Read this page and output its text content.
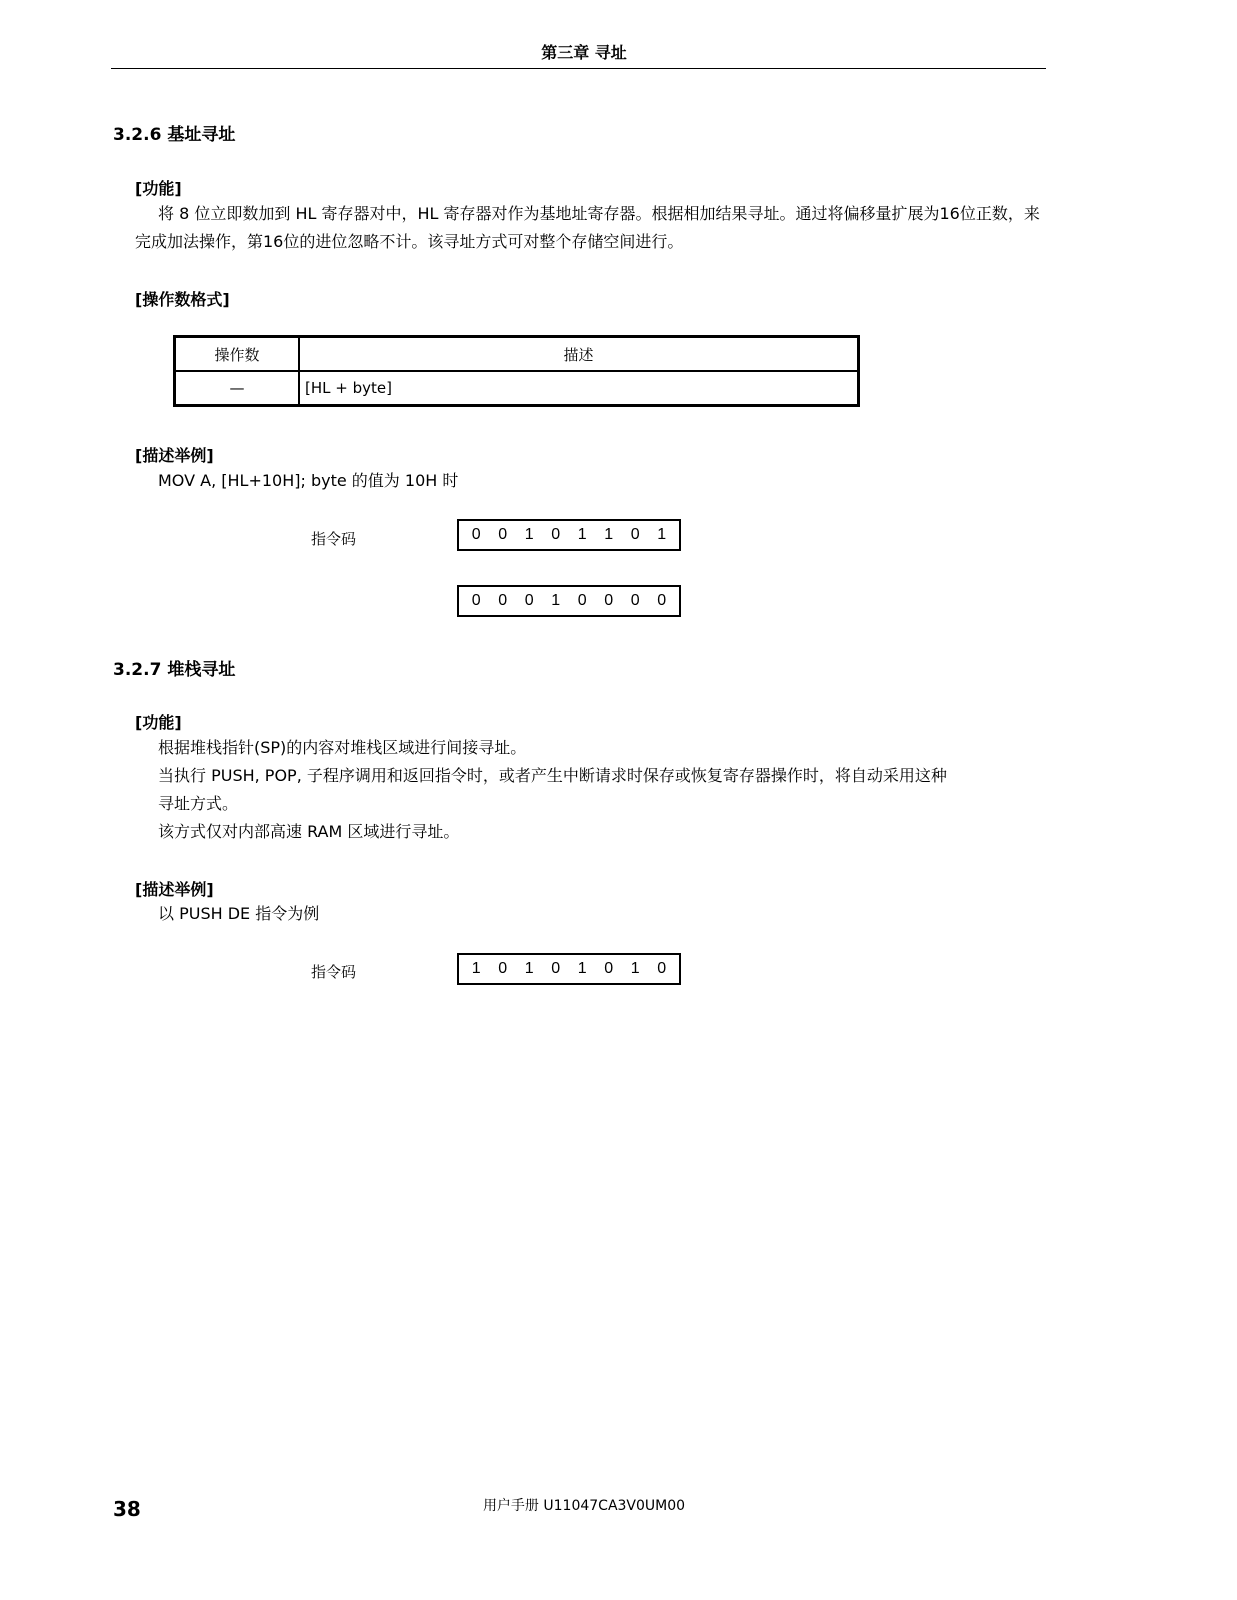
第三章 寻址
3.2.6 基址寻址
[功能]
将 8 位立即数加到 HL 寄存器对中，HL 寄存器对作为基地址寄存器。根据相加结果寻址。通过将偏移量扩展为16位正数，来完成加法操作，第16位的进位忽略不计。该寻址方式可对整个存储空间进行。
[操作数格式]
操作数	描述
—	[HL + byte]
[描述举例]
MOV A, [HL+10H]; byte 的值为 10H 时
指令码	0	0	1	0	1	1	0	1
0	0	0	1	0	0	0	0
3.2.7 堆栈寻址
[功能]
根据堆栈指针(SP)的内容对堆栈区域进行间接寻址。
当执行 PUSH, POP, 子程序调用和返回指令时，或者产生中断请求时保存或恢复寄存器操作时，将自动采用这种
寻址方式。
该方式仅对内部高速 RAM 区域进行寻址。
[描述举例]
以 PUSH DE 指令为例
指令码	1	0	1	0	1	0	1	0
38	用户手册 U11047CA3V0UM00
